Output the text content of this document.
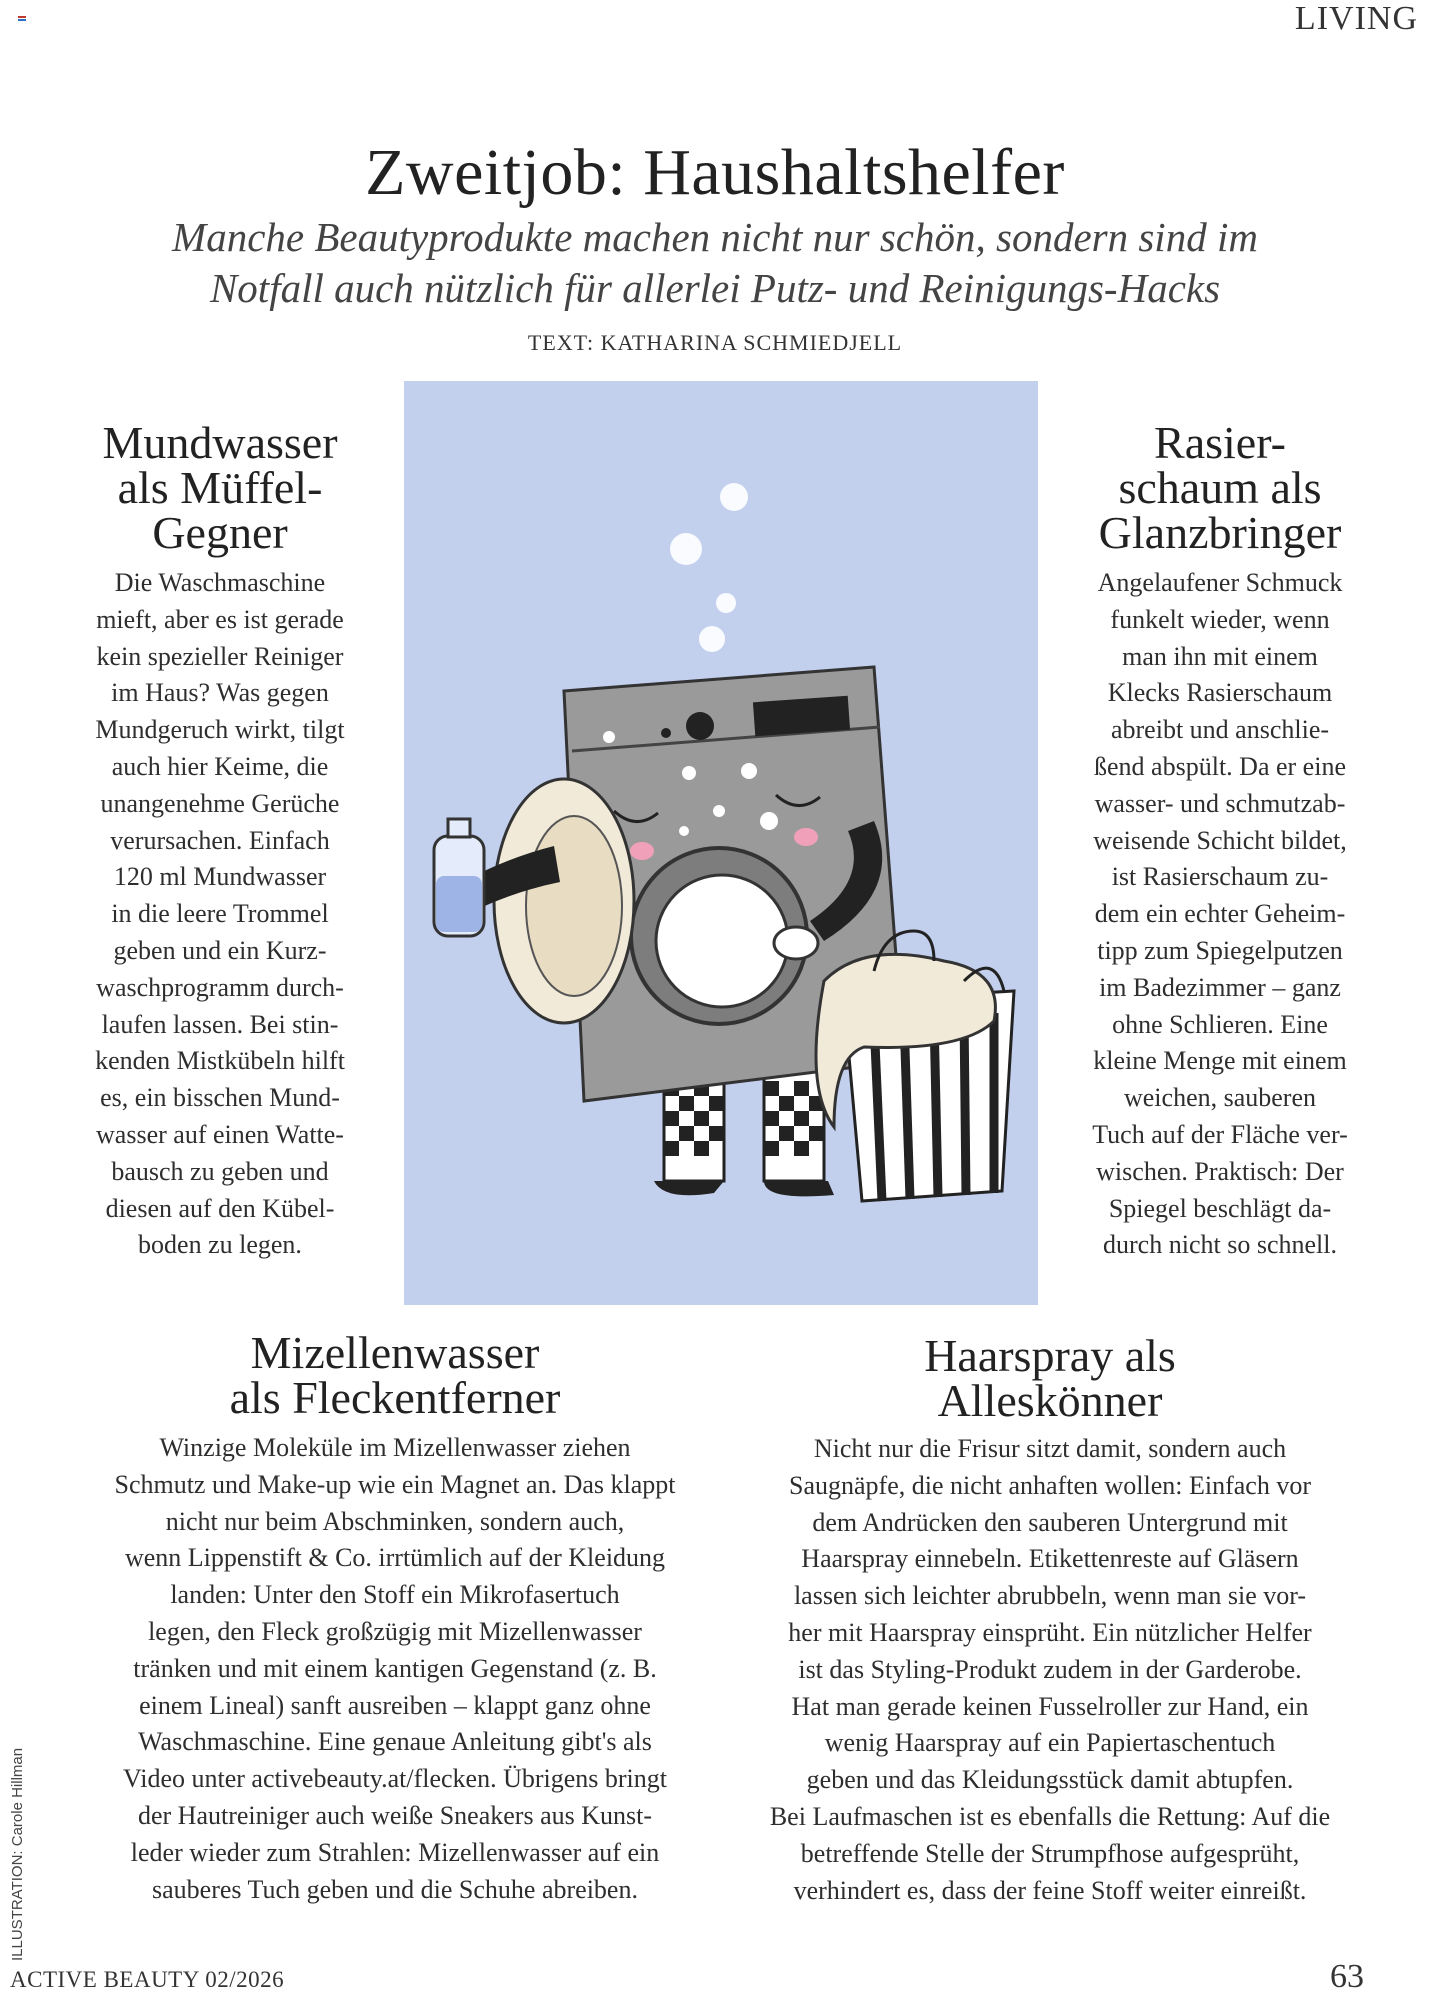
LIVING
Zweitjob: Haushaltshelfer
Manche Beautyprodukte machen nicht nur schön, sondern sind im
Notfall auch nützlich für allerlei Putz- und Reinigungs-Hacks
TEXT: KATHARINA SCHMIEDJELL
Mundwasser
als Müffel-
Gegner
Die Waschmaschine
mieft, aber es ist gerade
kein spezieller Reiniger
im Haus? Was gegen
Mundgeruch wirkt, tilgt
auch hier Keime, die
unangenehme Gerüche
verursachen. Einfach
120 ml Mundwasser
in die leere Trommel
geben und ein Kurz-
waschprogramm durch-
laufen lassen. Bei stin-
kenden Mistkübeln hilft
es, ein bisschen Mund-
wasser auf einen Watte-
bausch zu geben und
diesen auf den Kübel-
boden zu legen.
Rasier-
schaum als
Glanzbringer
Angelaufener Schmuck
funkelt wieder, wenn
man ihn mit einem
Klecks Rasierschaum
abreibt und anschlie-
ßend abspült. Da er eine
wasser- und schmutzab-
weisende Schicht bildet,
ist Rasierschaum zu-
dem ein echter Geheim-
tipp zum Spiegelputzen
im Badezimmer – ganz
ohne Schlieren. Eine
kleine Menge mit einem
weichen, sauberen
Tuch auf der Fläche ver-
wischen. Praktisch: Der
Spiegel beschlägt da-
durch nicht so schnell.
Mizellenwasser
als Fleckentferner
Winzige Moleküle im Mizellenwasser ziehen
Schmutz und Make-up wie ein Magnet an. Das klappt
nicht nur beim Abschminken, sondern auch,
wenn Lippenstift & Co. irrtümlich auf der Kleidung
landen: Unter den Stoff ein Mikrofasertuch
legen, den Fleck großzügig mit Mizellenwasser
tränken und mit einem kantigen Gegenstand (z. B.
einem Lineal) sanft ausreiben – klappt ganz ohne
Waschmaschine. Eine genaue Anleitung gibt's als
Video unter activebeauty.at/flecken. Übrigens bringt
der Hautreiniger auch weiße Sneakers aus Kunst-
leder wieder zum Strahlen: Mizellenwasser auf ein
sauberes Tuch geben und die Schuhe abreiben.
Haarspray als
Alleskönner
Nicht nur die Frisur sitzt damit, sondern auch
Saugnäpfe, die nicht anhaften wollen: Einfach vor
dem Andrücken den sauberen Untergrund mit
Haarspray einnebeln. Etikettenreste auf Gläsern
lassen sich leichter abrubbeln, wenn man sie vor-
her mit Haarspray einsprüht. Ein nützlicher Helfer
ist das Styling-Produkt zudem in der Garderobe.
Hat man gerade keinen Fusselroller zur Hand, ein
wenig Haarspray auf ein Papiertaschentuch
geben und das Kleidungsstück damit abtupfen.
Bei Laufmaschen ist es ebenfalls die Rettung: Auf die
betreffende Stelle der Strumpfhose aufgesprüht,
verhindert es, dass der feine Stoff weiter einreißt.
ILLUSTRATION: Carole Hillman
ACTIVE BEAUTY 02/2026	63
